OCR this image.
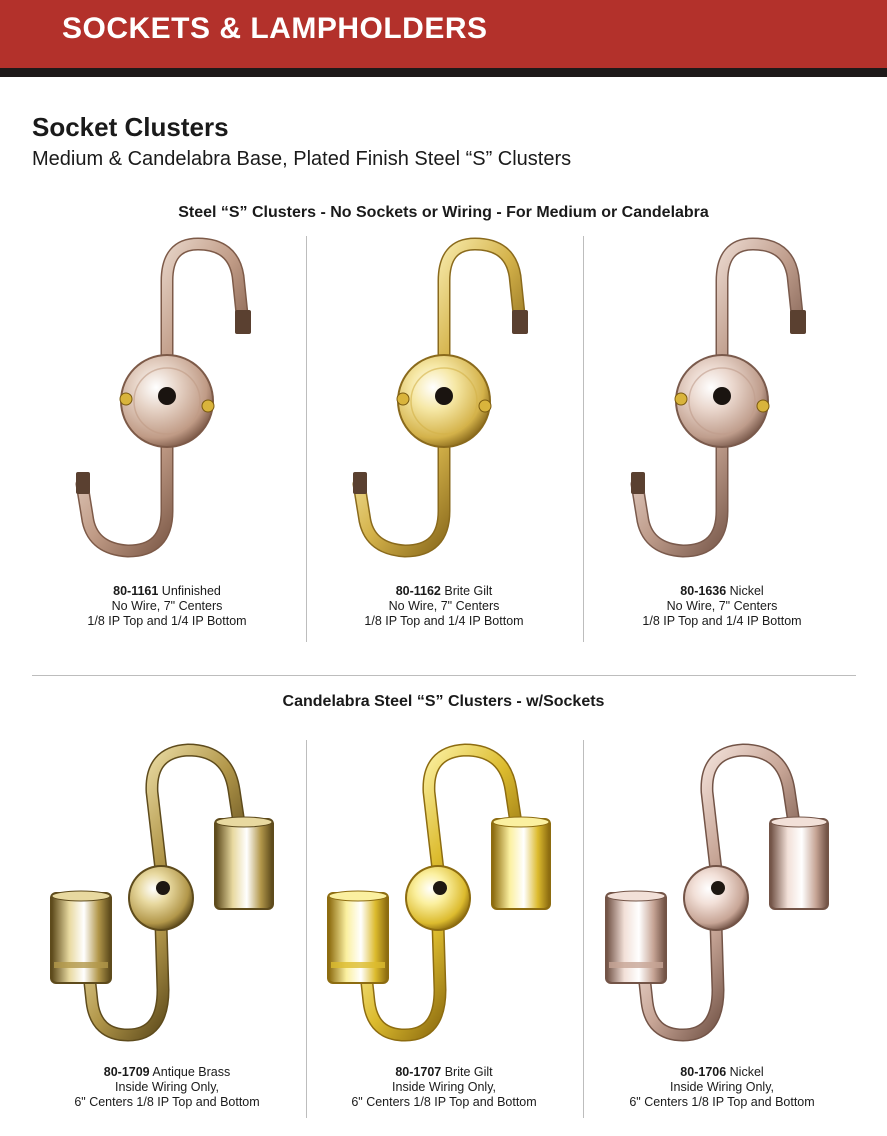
SOCKETS & LAMPHOLDERS
Socket Clusters
Medium & Candelabra Base, Plated Finish Steel “S” Clusters
Steel “S” Clusters - No Sockets or Wiring - For Medium or Candelabra
Candelabra Steel “S” Clusters - w/Sockets
80-1161 Unfinished
No Wire, 7" Centers
1/8 IP Top and 1/4 IP Bottom
80-1162 Brite Gilt
No Wire, 7" Centers
1/8 IP Top and 1/4 IP Bottom
80-1636 Nickel
No Wire, 7" Centers
1/8 IP Top and 1/4 IP Bottom
80-1709 Antique Brass
Inside Wiring Only,
6" Centers 1/8 IP Top and Bottom
80-1707 Brite Gilt
Inside Wiring Only,
6" Centers 1/8 IP Top and Bottom
80-1706 Nickel
Inside Wiring Only,
6" Centers 1/8 IP Top and Bottom
